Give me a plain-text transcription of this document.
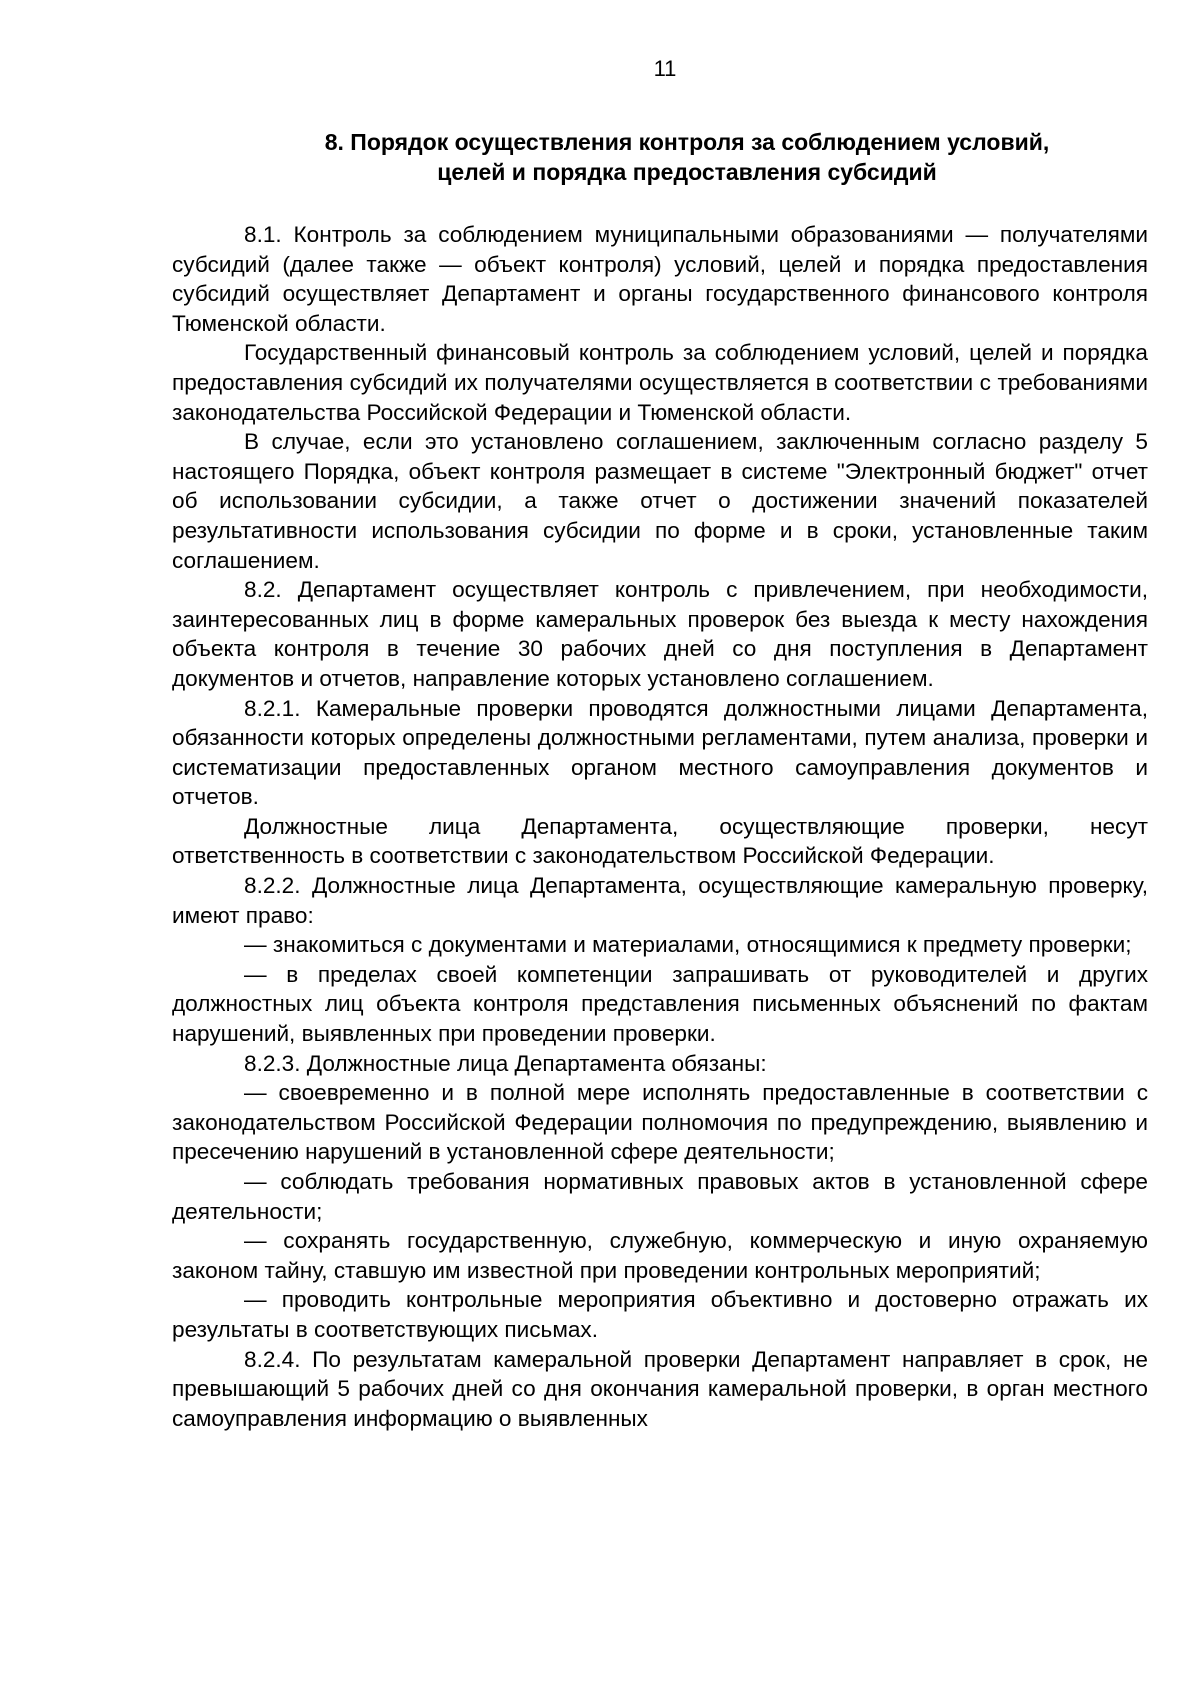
11

8. Порядок осуществления контроля за соблюдением условий,
целей и порядка предоставления субсидий

8.1. Контроль за соблюдением муниципальными образованиями — получателями субсидий (далее также — объект контроля) условий, целей и порядка предоставления субсидий осуществляет Департамент и органы государственного финансового контроля Тюменской области.

Государственный финансовый контроль за соблюдением условий, целей и порядка предоставления субсидий их получателями осуществляется в соответствии с требованиями законодательства Российской Федерации и Тюменской области.

В случае, если это установлено соглашением, заключенным согласно разделу 5 настоящего Порядка, объект контроля размещает в системе "Электронный бюджет" отчет об использовании субсидии, а также отчет о достижении значений показателей результативности использования субсидии по форме и в сроки, установленные таким соглашением.

8.2. Департамент осуществляет контроль с привлечением, при необходимости, заинтересованных лиц в форме камеральных проверок без выезда к месту нахождения объекта контроля в течение 30 рабочих дней со дня поступления в Департамент документов и отчетов, направление которых установлено соглашением.

8.2.1. Камеральные проверки проводятся должностными лицами Департамента, обязанности которых определены должностными регламентами, путем анализа, проверки и систематизации предоставленных органом местного самоуправления документов и отчетов.

Должностные лица Департамента, осуществляющие проверки, несут ответственность в соответствии с законодательством Российской Федерации.

8.2.2. Должностные лица Департамента, осуществляющие камеральную проверку, имеют право:

— знакомиться с документами и материалами, относящимися к предмету проверки;

— в пределах своей компетенции запрашивать от руководителей и других должностных лиц объекта контроля представления письменных объяснений по фактам нарушений, выявленных при проведении проверки.

8.2.3. Должностные лица Департамента обязаны:

— своевременно и в полной мере исполнять предоставленные в соответствии с законодательством Российской Федерации полномочия по предупреждению, выявлению и пресечению нарушений в установленной сфере деятельности;

— соблюдать требования нормативных правовых актов в установленной сфере деятельности;

— сохранять государственную, служебную, коммерческую и иную охраняемую законом тайну, ставшую им известной при проведении контрольных мероприятий;

— проводить контрольные мероприятия объективно и достоверно отражать их результаты в соответствующих письмах.

8.2.4. По результатам камеральной проверки Департамент направляет в срок, не превышающий 5 рабочих дней со дня окончания камеральной проверки, в орган местного самоуправления информацию о выявленных
